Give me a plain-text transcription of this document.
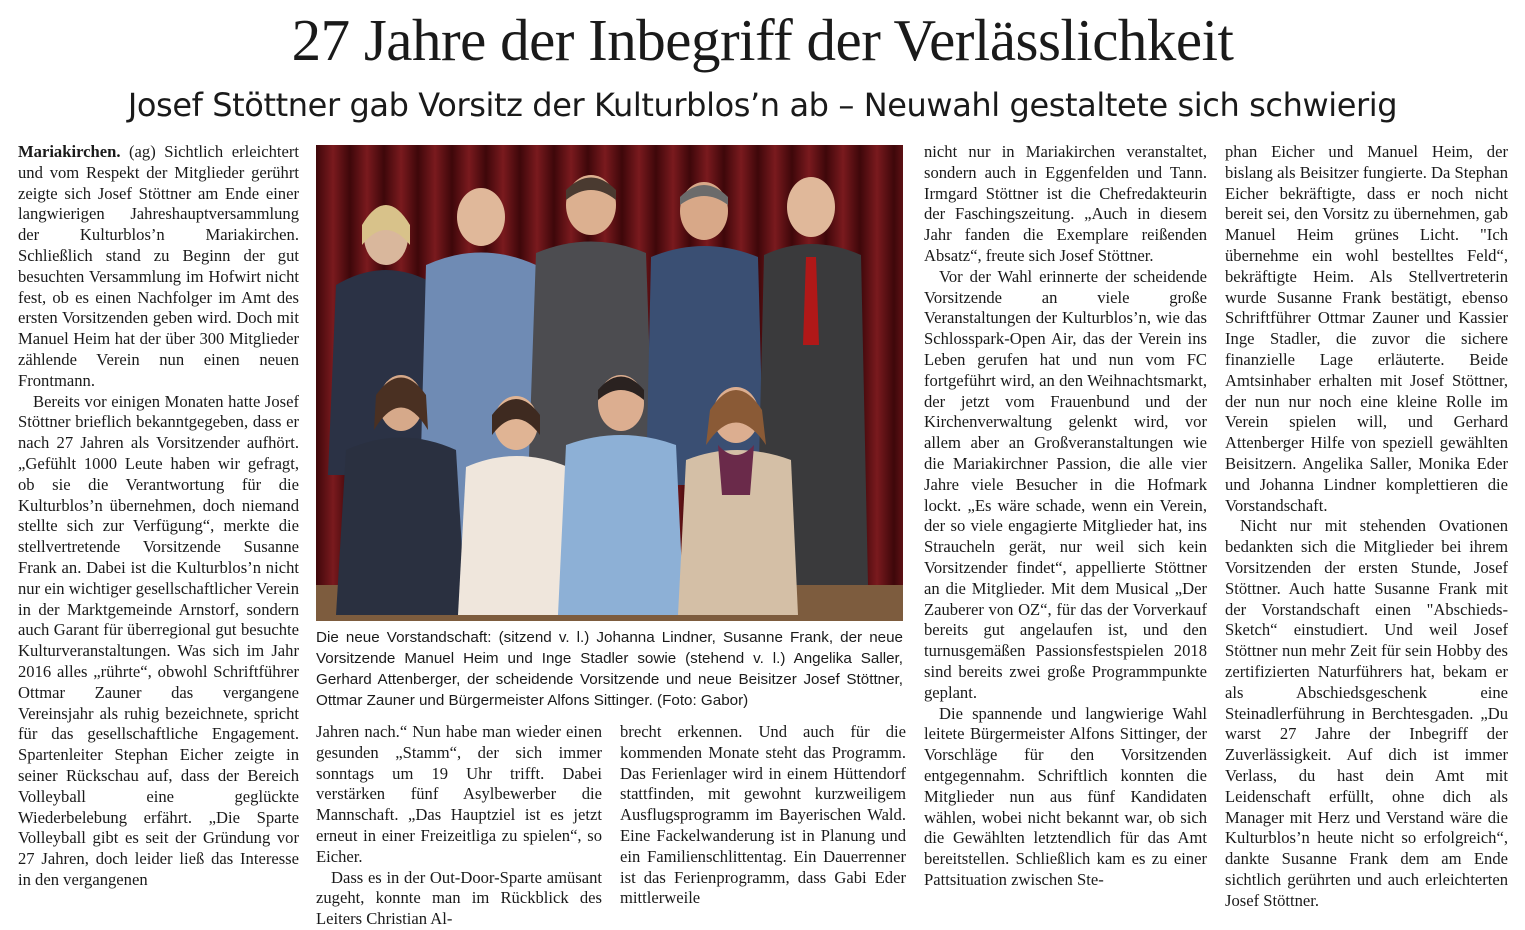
27 Jahre der Inbegriff der Verlässlichkeit
Josef Stöttner gab Vorsitz der Kulturblos’n ab – Neuwahl gestaltete sich schwierig

Mariakirchen. (ag) Sichtlich erleichtert und vom Respekt der Mitglieder gerührt zeigte sich Josef Stöttner am Ende einer langwierigen Jahreshauptversammlung der Kulturblos’n Mariakirchen. Schließlich stand zu Beginn der gut besuchten Versammlung im Hofwirt nicht fest, ob es einen Nachfolger im Amt des ersten Vorsitzenden geben wird. Doch mit Manuel Heim hat der über 300 Mitglieder zählende Verein nun einen neuen Frontmann.

Bereits vor einigen Monaten hatte Josef Stöttner brieflich bekanntgegeben, dass er nach 27 Jahren als Vorsitzender aufhört. „Gefühlt 1000 Leute haben wir gefragt, ob sie die Verantwortung für die Kulturblos’n übernehmen, doch niemand stellte sich zur Verfügung“, merkte die stellvertretende Vorsitzende Susanne Frank an. Dabei ist die Kulturblos’n nicht nur ein wichtiger gesellschaftlicher Verein in der Marktgemeinde Arnstorf, sondern auch Garant für überregional gut besuchte Kulturveranstaltungen. Was sich im Jahr 2016 alles „rührte“, obwohl Schriftführer Ottmar Zauner das vergangene Vereinsjahr als ruhig bezeichnete, spricht für das gesellschaftliche Engagement. Spartenleiter Stephan Eicher zeigte in seiner Rückschau auf, dass der Bereich Volleyball eine geglückte Wiederbelebung erfährt. „Die Sparte Volleyball gibt es seit der Gründung vor 27 Jahren, doch leider ließ das Interesse in den vergangenen

Die neue Vorstandschaft: (sitzend v. l.) Johanna Lindner, Susanne Frank, der neue Vorsitzende Manuel Heim und Inge Stadler sowie (stehend v. l.) Angelika Saller, Gerhard Attenberger, der scheidende Vorsitzende und neue Beisitzer Josef Stöttner, Ottmar Zauner und Bürgermeister Alfons Sittinger. (Foto: Gabor)

Jahren nach.“ Nun habe man wieder einen gesunden „Stamm“, der sich immer sonntags um 19 Uhr trifft. Dabei verstärken fünf Asylbewerber die Mannschaft. „Das Hauptziel ist es jetzt erneut in einer Freizeitliga zu spielen“, so Eicher.

Dass es in der Out-Door-Sparte amüsant zugeht, konnte man im Rückblick des Leiters Christian Al-

brecht erkennen. Und auch für die kommenden Monate steht das Programm. Das Ferienlager wird in einem Hüttendorf stattfinden, mit gewohnt kurzweiligem Ausflugsprogramm im Bayerischen Wald. Eine Fackelwanderung ist in Planung und ein Familienschlittentag. Ein Dauerrenner ist das Ferienprogramm, dass Gabi Eder mittlerweile

nicht nur in Mariakirchen veranstaltet, sondern auch in Eggenfelden und Tann. Irmgard Stöttner ist die Chefredakteurin der Faschingszeitung. „Auch in diesem Jahr fanden die Exemplare reißenden Absatz“, freute sich Josef Stöttner.

Vor der Wahl erinnerte der scheidende Vorsitzende an viele große Veranstaltungen der Kulturblos’n, wie das Schlosspark-Open Air, das der Verein ins Leben gerufen hat und nun vom FC fortgeführt wird, an den Weihnachtsmarkt, der jetzt vom Frauenbund und der Kirchenverwaltung gelenkt wird, vor allem aber an Großveranstaltungen wie die Mariakirchner Passion, die alle vier Jahre viele Besucher in die Hofmark lockt. „Es wäre schade, wenn ein Verein, der so viele engagierte Mitglieder hat, ins Straucheln gerät, nur weil sich kein Vorsitzender findet“, appellierte Stöttner an die Mitglieder. Mit dem Musical „Der Zauberer von OZ“, für das der Vorverkauf bereits gut angelaufen ist, und den turnusgemäßen Passionsfestspielen 2018 sind bereits zwei große Programmpunkte geplant.

Die spannende und langwierige Wahl leitete Bürgermeister Alfons Sittinger, der Vorschläge für den Vorsitzenden entgegennahm. Schriftlich konnten die Mitglieder nun aus fünf Kandidaten wählen, wobei nicht bekannt war, ob sich die Gewählten letztendlich für das Amt bereitstellen. Schließlich kam es zu einer Pattsituation zwischen Ste-

phan Eicher und Manuel Heim, der bislang als Beisitzer fungierte. Da Stephan Eicher bekräftigte, dass er noch nicht bereit sei, den Vorsitz zu übernehmen, gab Manuel Heim grünes Licht. "Ich übernehme ein wohl bestelltes Feld“, bekräftigte Heim. Als Stellvertreterin wurde Susanne Frank bestätigt, ebenso Schriftführer Ottmar Zauner und Kassier Inge Stadler, die zuvor die sichere finanzielle Lage erläuterte. Beide Amtsinhaber erhalten mit Josef Stöttner, der nun nur noch eine kleine Rolle im Verein spielen will, und Gerhard Attenberger Hilfe von speziell gewählten Beisitzern. Angelika Saller, Monika Eder und Johanna Lindner komplettieren die Vorstandschaft.

Nicht nur mit stehenden Ovationen bedankten sich die Mitglieder bei ihrem Vorsitzenden der ersten Stunde, Josef Stöttner. Auch hatte Susanne Frank mit der Vorstandschaft einen "Abschieds-Sketch“ einstudiert. Und weil Josef Stöttner nun mehr Zeit für sein Hobby des zertifizierten Naturführers hat, bekam er als Abschiedsgeschenk eine Steinadlerführung in Berchtesgaden. „Du warst 27 Jahre der Inbegriff der Zuverlässigkeit. Auf dich ist immer Verlass, du hast dein Amt mit Leidenschaft erfüllt, ohne dich als Manager mit Herz und Verstand wäre die Kulturblos’n heute nicht so erfolgreich“, dankte Susanne Frank dem am Ende sichtlich gerührten und auch erleichterten Josef Stöttner.
